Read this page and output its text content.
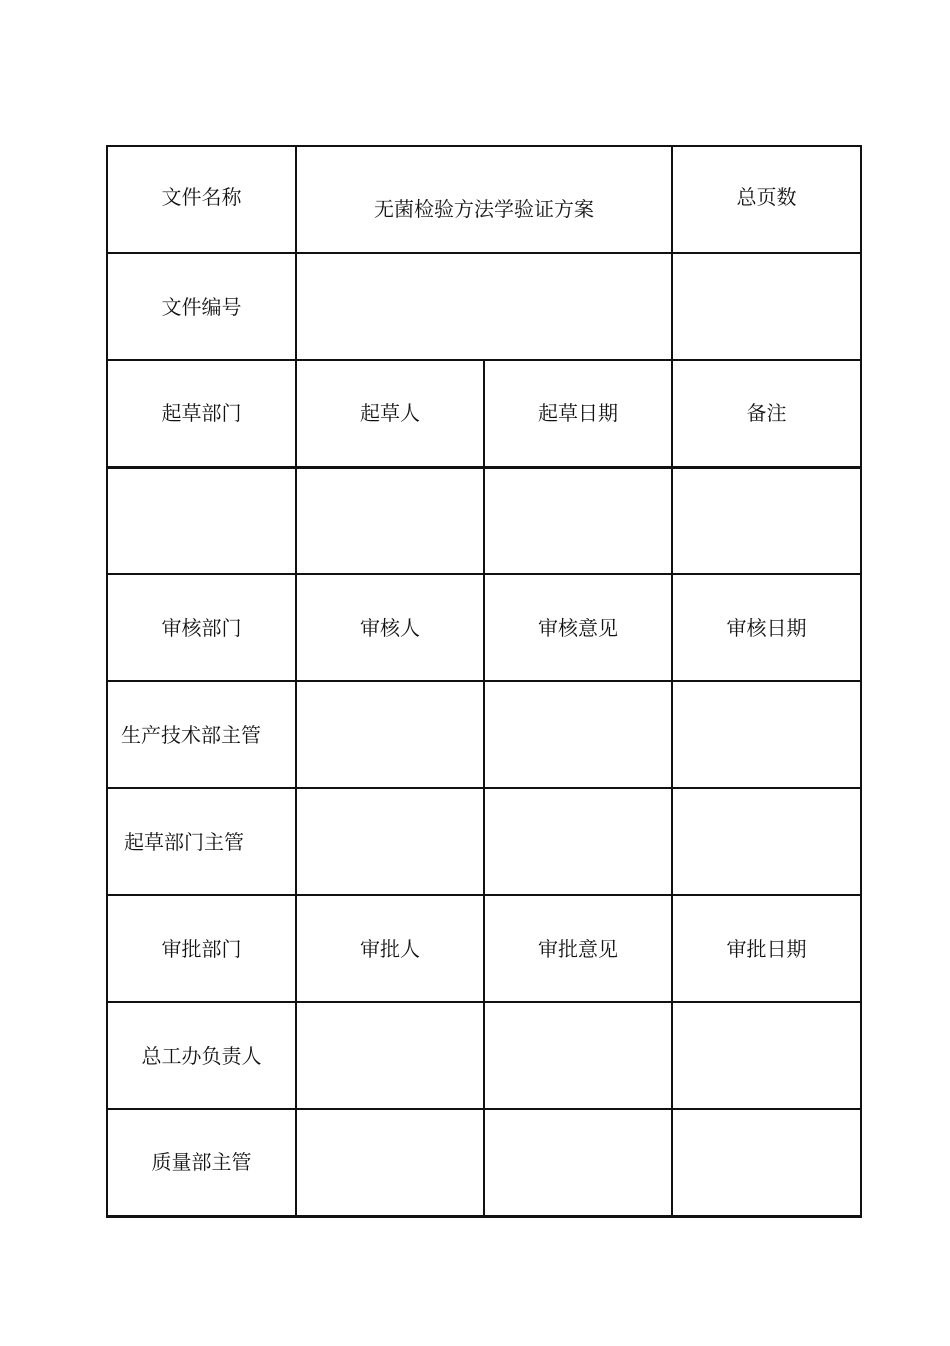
文件名称	无菌检验方法学验证方案		总页数
文件编号			
起草部门	起草人	起草日期	备注

审核部门	审核人	审核意见	审核日期
生产技术部主管			
起草部门主管			
审批部门	审批人	审批意见	审批日期
总工办负责人			
质量部主管			
